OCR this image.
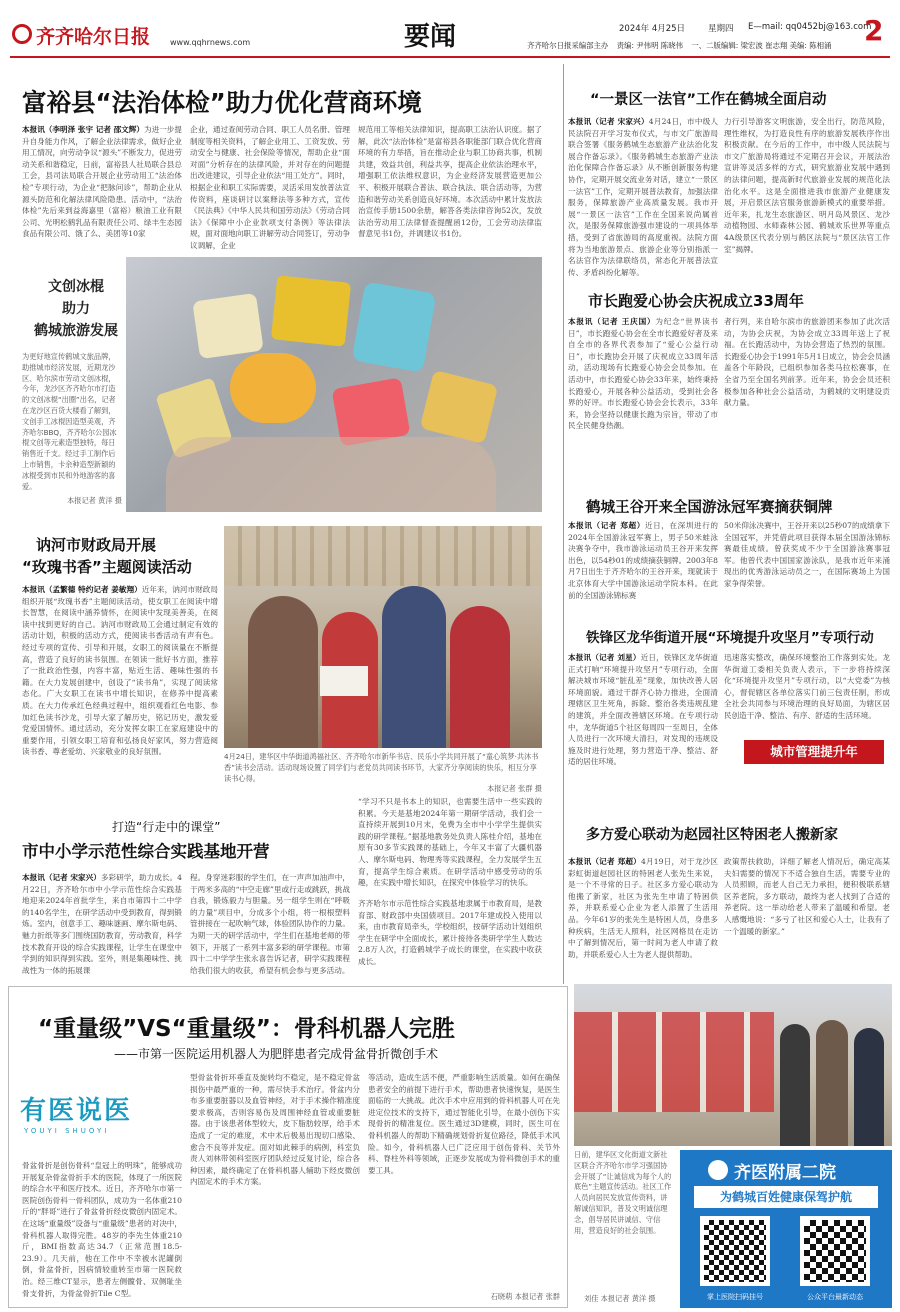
齐齐哈尔日报 www.qqhrnews.com	要闻	2024年 4月25日	星期四 E—mail: qq0452bj@163.com
2
齐齐哈尔日报采编部主办 责编: 尹伟明 陈晓伟 一、二版编辑: 梁宏波 崔志翔 美编: 陈相涌
富裕县“法治体检”助力优化营商环境
本报讯（李明泽 张宇 记者 邵文辉）为进一步提升自身能力作风，了解企业法律需求，做好企业用工情况，向劳动争议“源头”不断发力，促进劳动关系和谐稳定，日前，富裕县人社局联合县总工会，县司法局联合开展企业劳动用工“法治体检”专项行动，为企业“把脉问诊”，帮助企业从源头防范和化解法律风险隐患。活动中，“法治体检”先后来到益海嘉里（富裕）粮油工业有限公司、光明松鹤乳品有限责任公司、绿丰生态园食品有限公司、饿了么、美团等10家
企业，通过查阅劳动合同、职工人员名册、管理制度等相关资料，了解企业用工、工资发放、劳动安全与健康、社会保险等情况，帮助企业“面对面”分析存在的法律风险，并对存在的问题提出改进建议，引导企业依法“用工处方”。同时，根据企业和职工实际需要，灵活采用发放普法宣传资料，座谈研讨以案释法等多种方式，宣传《民法典》《中华人民共和国劳动法》《劳动合同法》《保障中小企业款项支付条例》等法律法规，面对面地向职工讲解劳动合同签订，劳动争议调解，企业
规范用工等相关法律知识，提高职工法治认识度。据了解，此次“法治体检”是富裕县各职能部门联合优化营商环境的有力举措，旨在推动企业与职工协商共事，机制共建，效益共创，利益共享，提高企业依法治理水平，增强职工依法维权意识，为企业经济发展营造更加公平、积极开展联合普法、联合执法、联合活动等，为营造和谐劳动关系创造良好环境。本次活动中累计发放法治宣传手册1500余册，解答各类法律咨询52次，发放法治劳动用工法律督查提醒函12份，工会劳动法律监督意见书1份，并调建议书1份。
文创冰棍
助力
鹤城旅游发展
为更好地宣传鹤城文旅品牌，助推城市经济发展，近期龙沙区、哈尔滨市劳动文创冰棍，今年，龙沙区齐齐哈尔市打造的文创冰棍“出圈”出名，记者在龙沙区百货大楼看了解到，文创手工冰棍因造型美观，齐齐哈尔BBQ，齐齐哈尔公园冰棍文创等元素造型独特，每日销售近千支。经过手工制作后上市销售，卡余种造型新颖的冰棍受到市民和外地游客的喜爱。
本报记者 黄洋 摄
讷河市财政局开展
“玫瑰书香”主题阅读活动
本报讯（孟繁德 特约记者 姜敏翔）近年来，讷河市财政局组织开展“玫瑰书香”主题阅读活动，使女职工在阅读中增长智慧，在阅读中涵养情怀，在阅读中发现美善美，在阅读中找到更好的自己。讷河市财政局工会通过制定有效的活动计划，积极的活动方式，使阅读书香活动有声有色。经过专项的宣传、引导和开展，女职工的阅读量在不断提高，营造了良好的读书氛围。在领读一批好书方面，推荐了一批政治性强，内容丰富，贴近生活、趣味性强的书籍。在大力发展创建中，创设了“读书角”，实现了阅读常态化。广大女职工在读书中增长知识，在修养中提高素质。在大力传承红色经典过程中，组织观看红色电影、参加红色读书沙龙，引导大家了解历史，铭记历史，激发爱党爱国情怀。通过活动，充分发挥女职工在家庭建设中的重要作用，引领女职工培育和弘扬良好家风，努力营造阅读书香、尊老爱幼、兴家敬业的良好氛围。
4月24日，建华区中华街道鸿福社区、齐齐哈尔市新华书店、民乐小学共同开展了“童心筑梦·共沐书香”读书会活动。活动现场设置了同学们与老党员共同读书环节，大家齐分享阅读的快乐，相互分享读书心得。
本报记者 张群 摄
打造“行走中的课堂”
市中小学示范性综合实践基地开营
本报讯（记者 宋家兴）多彩研学，助力成长。4月22日，齐齐哈尔市中小学示范性综合实践基地迎来2024年首批学生，来自市第四十二中学的140名学生，在研学活动中受到教育，得到锻炼。室内，创意手工、趣味谜画、摩尔斯电码、魅力折纸等多门围绕国防教育，劳动教育，科学技术教育开设的综合实践课程，让学生在课堂中学到的知识得到实践。室外，则是集趣味性、挑战性为一体的拓展课
程。身穿迷彩服的学生们，在一声声加油声中，于两米多高的“中空走廊”里或行走或跳跃，挑战自我，锻炼毅力与胆量。另一组学生则在“呼吸的力量”项目中，分成多个小组，将一根根塑料管拼接在一起吹响气球，体验团队协作的力量。为期一天的研学活动中，学生们在基地老师的带领下，开展了一系列丰富多彩的研学课程。市第四十二中学学生张永喜告诉记者，研学实践课程给我们很大的收获，希望有机会参与更多活动。
“学习不只是书本上的知识，也需要生活中一些实践的积累。今天是基地2024年第一期研学活动，我们会一直持续开展到10月末，免费为全市中小学学生提供实践的研学课程。”据基地教务处负责人陈桂介绍，基地在原有30多节实践课的基础上，今年又丰富了大疆机器人、摩尔斯电码、物理秀等实践课程，全力发展学生五育，提高学生综合素质。在研学活动中感受劳动的乐趣，在实践中增长知识，在探究中体验学习的快乐。
齐齐哈尔市示范性综合实践基地隶属于市教育局，是教育部、财政部中央国债项目。2017年建成投入使用以来，由市教育局牵头，学校组织，按研学活动计划组织学生在研学中全面成长，累计接待各类研学学生人数达2.8万人次，打造鹤城学子成长的课堂，在实践中收获成长。
“重量级”VS“重量级”：骨科机器人完胜
——市第一医院运用机器人为肥胖患者完成骨盆骨折微创手术
有医说医
YOUYI SHUOYI
骨盆骨折是创伤骨科“皇冠上的明珠”，能够成功开展复杂骨盆骨折手术的医院，体现了一所医院的综合水平和医疗技术。近日，齐齐哈尔市第一医院创伤骨科一骨科团队，成功为一名体重210斤的“胖哥”进行了骨盆骨折经皮微创内固定术。在这场“重量级”设备与“重量级”患者的对决中，骨科机器人取得完胜。48岁的李先生体重210斤，BMI指数高达34.7（正常范围18.5-23.9）。几天前，他在工作中不幸被水泥罐倒倒，骨盆骨折，因病情较重转至市第一医院救治。经三维CT显示，患者左侧髋骨、双侧耻坐骨支骨折，为骨盆骨折Tile C型。
型骨盆骨折环垂直及旋转均不稳定，是不稳定骨盆损伤中最严重的一种，需尽快手术治疗。骨盆内分布多重要脏器以及血管神经，对于手术操作精准度要求极高，否则容易伤及周围神经血管或重要脏器。由于该患者体型较大，皮下脂肪较厚，给手术造成了一定的难度，术中术后极易出现切口感染、愈合不良等并发症。面对如此棘手的病例，科室负责人刘林带领科室医疗团队经过反复讨论，综合各种因素，最终确定了在骨科机器人辅助下经皮微创内固定术的手术方案。
等活动，造成生活不便，严重影响生活质量。如何在确保患者安全的前提下进行手术，帮助患者快速恢复，是医生面临的一大挑战。此次手术中应用到的骨科机器人可在先进定位技术的支持下，通过智能化引导，在最小创伤下实现骨折的精准复位。医生通过3D建模，同时，医生可在骨科机器人的帮助下精确规划骨折复位路径，降低手术风险。如今，骨科机器人已广泛应用于创伤骨科、关节外科、脊柱外科等领域，正逐步发展成为骨科微创手术的重要工具。
石晓萌 本报记者 张群
“一景区一法官”工作在鹤城全面启动
本报讯（记者 宋家兴）4月24日，市中级人民法院召开学习发布仪式，与市文广旅游局联合签署《服务鹤城生态旅游产业法治化发展合作备忘录》。《服务鹤城生态旅游产业法治化保障合作备忘录》从不断创新服务构建协作，定期开展交流业务对话，建立“一景区一法官”工作，定期开展普法教育，加强法律服务，保障旅游产业高质量发展。我市开展“一景区一法官”工作在全国来说尚属首次，是服务保障旅游强市建设的一项具体举措，受到了省旅游局的高度重视。法院方面将为当地旅游景点、旅游企业等分别指派一名法官作为法律联络员，常态化开展普法宣传、矛盾纠纷化解等。
力行引导游客文明旅游，安全出行，防范风险，理性维权，为打造良性有序的旅游发展秩序作出积极贡献。在今后的工作中，市中级人民法院与市文广旅游局将通过不定期召开会议，开展法治宣讲等灵活多样的方式，研究旅游业发展中遇到的法律问题，提高新时代旅游业发展的规范化法治化水平。这是全面推进我市旅游产业健康发展，开启景区法官服务旅游新模式的重要举措。近年来，扎龙生态旅游区、明月岛风景区、龙沙动植物园、水师森林公园、鹤城欢乐世界等重点4A级景区代表分别与鹤区法院与“景区法官工作室”揭牌。
市长跑爱心协会庆祝成立33周年
本报讯（记者 王庆国）为纪念“世界读书日”，市长跑爱心协会在全市长跑爱好者及来自全市的各界代表参加了“爱心公益行动日”，市长跑协会开展了庆祝成立33周年活动，活动现场有长跑爱心协会会员参加。在活动中，市长跑爱心协会33年来，始终秉持长跑爱心，开展各种公益活动，受到社会各界的好评。市长跑爱心协会会长表示，33年来，协会坚持以健康长跑为宗旨，带动了市民全民健身热潮。
者行列，来自哈尔滨市的旅游团来参加了此次活动，为协会庆祝，为协会成立33周年送上了祝福。在长跑活动中，为协会营造了热烈的氛围。长跑爱心协会于1991年5月1日成立，协会会员涵盖各个年龄段，已组织参加各类马拉松赛事，在全省乃至全国名列前茅。近年来，协会会员还积极参加各种社会公益活动，为鹤城的文明建设贡献力量。
鹤城王谷开来全国游泳冠军赛摘获铜牌
本报讯（记者 郑超）近日，在深圳进行的2024年全国游泳冠军赛上，男子50米蛙泳决赛争夺中，我市游泳运动员王谷开来发挥出色，以54秒01的成绩摘获铜牌。2003年8月7日出生于齐齐哈尔的王谷开来，现就读于北京体育大学中国游泳运动学院本科。在此前的全国游泳锦标赛
50米仰泳决赛中，王谷开来以25秒07的成绩拿下全国冠军，并凭借此项目获得本届全国游泳锦标赛最佳成绩。曾获奖成不少于全国游泳赛事冠军。他曾代表中国国家游泳队，是我市近年来涌现出的优秀游泳运动员之一，在国际赛场上为国家争得荣誉。
铁锋区龙华街道开展“环境提升攻坚月”专项行动
本报讯（记者 刘星）近日，铁锋区龙华街道正式打响“环境提升攻坚月”专项行动，全面解决城市环境“脏乱差”现象，加快改善人居环境面貌。通过干群齐心协力推进，全面清理辖区卫生死角，拆除、整治各类违规乱建的建筑，并全面改善辖区环境。在专项行动中，龙华街道5个社区每周四一至周日，全体人员进行一次环境大清扫，对发现的违规设施及时进行处理，努力营造干净、整洁、舒适的居住环境。
迅速落实整改，确保环境整治工作落到实处。龙华街道工委相关负责人表示，下一步将持续深化“环境提升攻坚月”专项行动，以“大党委”为核心，督促辖区各单位落实门前三包责任制，形成全社会共同参与环境治理的良好局面，为辖区居民创造干净、整洁、有序、舒适的生活环境。
城市管理提升年
多方爱心联动为赵园社区特困老人搬新家
本报讯（记者 郑超）4月19日，对于龙沙区彩虹街道赵园社区的特困老人张先生来说，是一个不寻常的日子。社区多方爱心联动为他搬了新家，社区为张先生申请了特困供养，并联系爱心企业为老人添置了生活用品。今年61岁的张先生是特困人员，身患多种疾病，生活无人照料，社区网格员在走访中了解到情况后，第一时间为老人申请了救助，并联系爱心人士为老人提供帮助。
政策帮扶救助，详细了解老人情况后，确定高某夫妇需要的情况下不适合独自生活，需要专业的人员照顾，而老人自己无力承担，便积极联系辖区养老院，多方联动，最终为老人找到了合适的养老院。这一举动给老人带来了温暖和希望。老人感慨地说：“多亏了社区和爱心人士，让我有了一个温暖的新家。”
日前，建华区文化街道文新社区联合齐齐哈尔市学习强国协会开展了“让诚信成为每个人的底色”主题宣传活动。社区工作人员向居民发放宣传资料，讲解诚信知识，普及文明诚信理念，倡导居民讲诚信、守信用，营造良好的社会氛围。
刘佳 本报记者 黄洋 摄
齐医附属二院
为鹤城百姓健康保驾护航
掌上医院扫码挂号	公众平台最新动态
